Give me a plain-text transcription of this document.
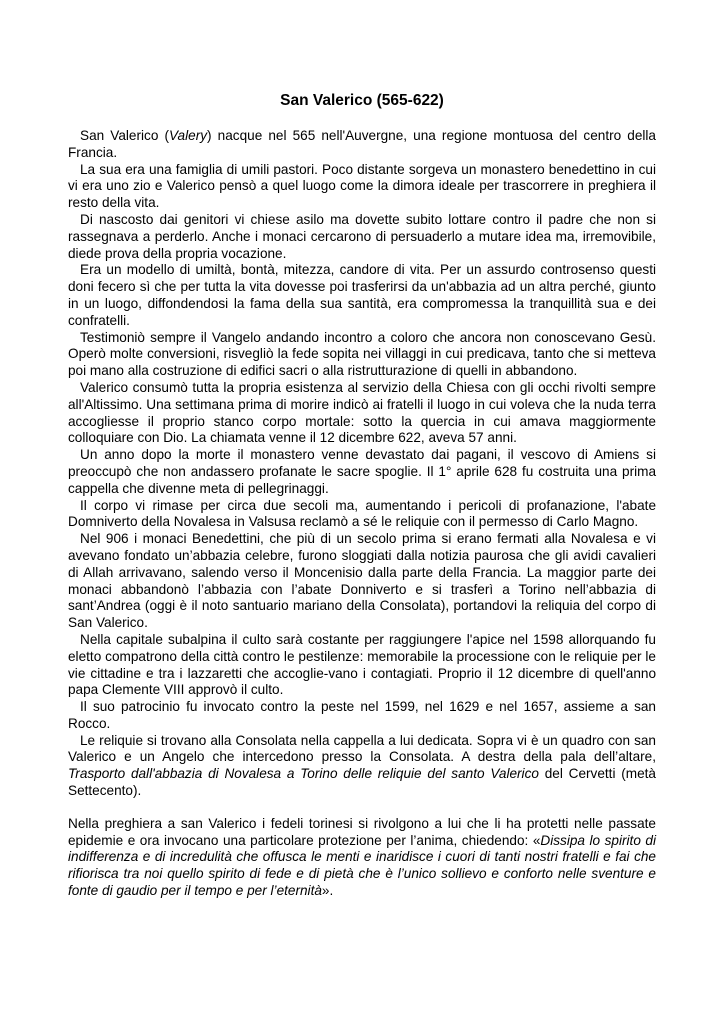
San Valerico (565-622)

San Valerico (Valery) nacque nel 565 nell'Auvergne, una regione montuosa del centro della Francia.

La sua era una famiglia di umili pastori. Poco distante sorgeva un monastero benedettino in cui vi era uno zio e Valerico pensò a quel luogo come la dimora ideale per trascorrere in preghiera il resto della vita.

Di nascosto dai genitori vi chiese asilo ma dovette subito lottare contro il padre che non si rassegnava a perderlo. Anche i monaci cercarono di persuaderlo a mutare idea ma, irremovibile, diede prova della propria vocazione.

Era un modello di umiltà, bontà, mitezza, candore di vita. Per un assurdo controsenso questi doni fecero sì che per tutta la vita dovesse poi trasferirsi da un'abbazia ad un altra perché, giunto in un luogo, diffondendosi la fama della sua santità, era compromessa la tranquillità sua e dei confratelli.

Testimoniò sempre il Vangelo andando incontro a coloro che ancora non conoscevano Gesù. Operò molte conversioni, risvegliò la fede sopita nei villaggi in cui predicava, tanto che si metteva poi mano alla costruzione di edifici sacri o alla ristrutturazione di quelli in abbandono.

Valerico consumò tutta la propria esistenza al servizio della Chiesa con gli occhi rivolti sempre all'Altissimo. Una settimana prima di morire indicò ai fratelli il luogo in cui voleva che la nuda terra accogliesse il proprio stanco corpo mortale: sotto la quercia in cui amava maggiormente colloquiare con Dio. La chiamata venne il 12 dicembre 622, aveva 57 anni.

Un anno dopo la morte il monastero venne devastato dai pagani, il vescovo di Amiens si preoccupò che non andassero profanate le sacre spoglie. Il 1° aprile 628 fu costruita una prima cappella che divenne meta di pellegrinaggi.

Il corpo vi rimase per circa due secoli ma, aumentando i pericoli di profanazione, l'abate Domniverto della Novalesa in Valsusa reclamò a sé le reliquie con il permesso di Carlo Magno.

Nel 906 i monaci Benedettini, che più di un secolo prima si erano fermati alla Novalesa e vi avevano fondato un’abbazia celebre, furono sloggiati dalla notizia paurosa che gli avidi cavalieri di Allah arrivavano, salendo verso il Moncenisio dalla parte della Francia. La maggior parte dei monaci abbandonò l’abbazia con l’abate Donniverto e si trasferì a Torino nell’abbazia di sant’Andrea (oggi è il noto santuario mariano della Consolata), portandovi la reliquia del corpo di San Valerico.

Nella capitale subalpina il culto sarà costante per raggiungere l'apice nel 1598 allorquando fu eletto compatrono della città contro le pestilenze: memorabile la processione con le reliquie per le vie cittadine e tra i lazzaretti che accoglie-vano i contagiati. Proprio il 12 dicembre di quell'anno papa Clemente VIII approvò il culto.

Il suo patrocinio fu invocato contro la peste nel 1599, nel 1629 e nel 1657, assieme a san Rocco.

Le reliquie si trovano alla Consolata nella cappella a lui dedicata. Sopra vi è un quadro con san Valerico e un Angelo che intercedono presso la Consolata. A destra della pala dell’altare, Trasporto dall'abbazia di Novalesa a Torino delle reliquie del santo Valerico del Cervetti (metà Settecento).

Nella preghiera a san Valerico i fedeli torinesi si rivolgono a lui che li ha protetti nelle passate epidemie e ora invocano una particolare protezione per l’anima, chiedendo: «Dissipa lo spirito di indifferenza e di incredulità che offusca le menti e inaridisce i cuori di tanti nostri fratelli e fai che rifiorisca tra noi quello spirito di fede e di pietà che è l’unico sollievo e conforto nelle sventure e fonte di gaudio per il tempo e per l’eternità».
